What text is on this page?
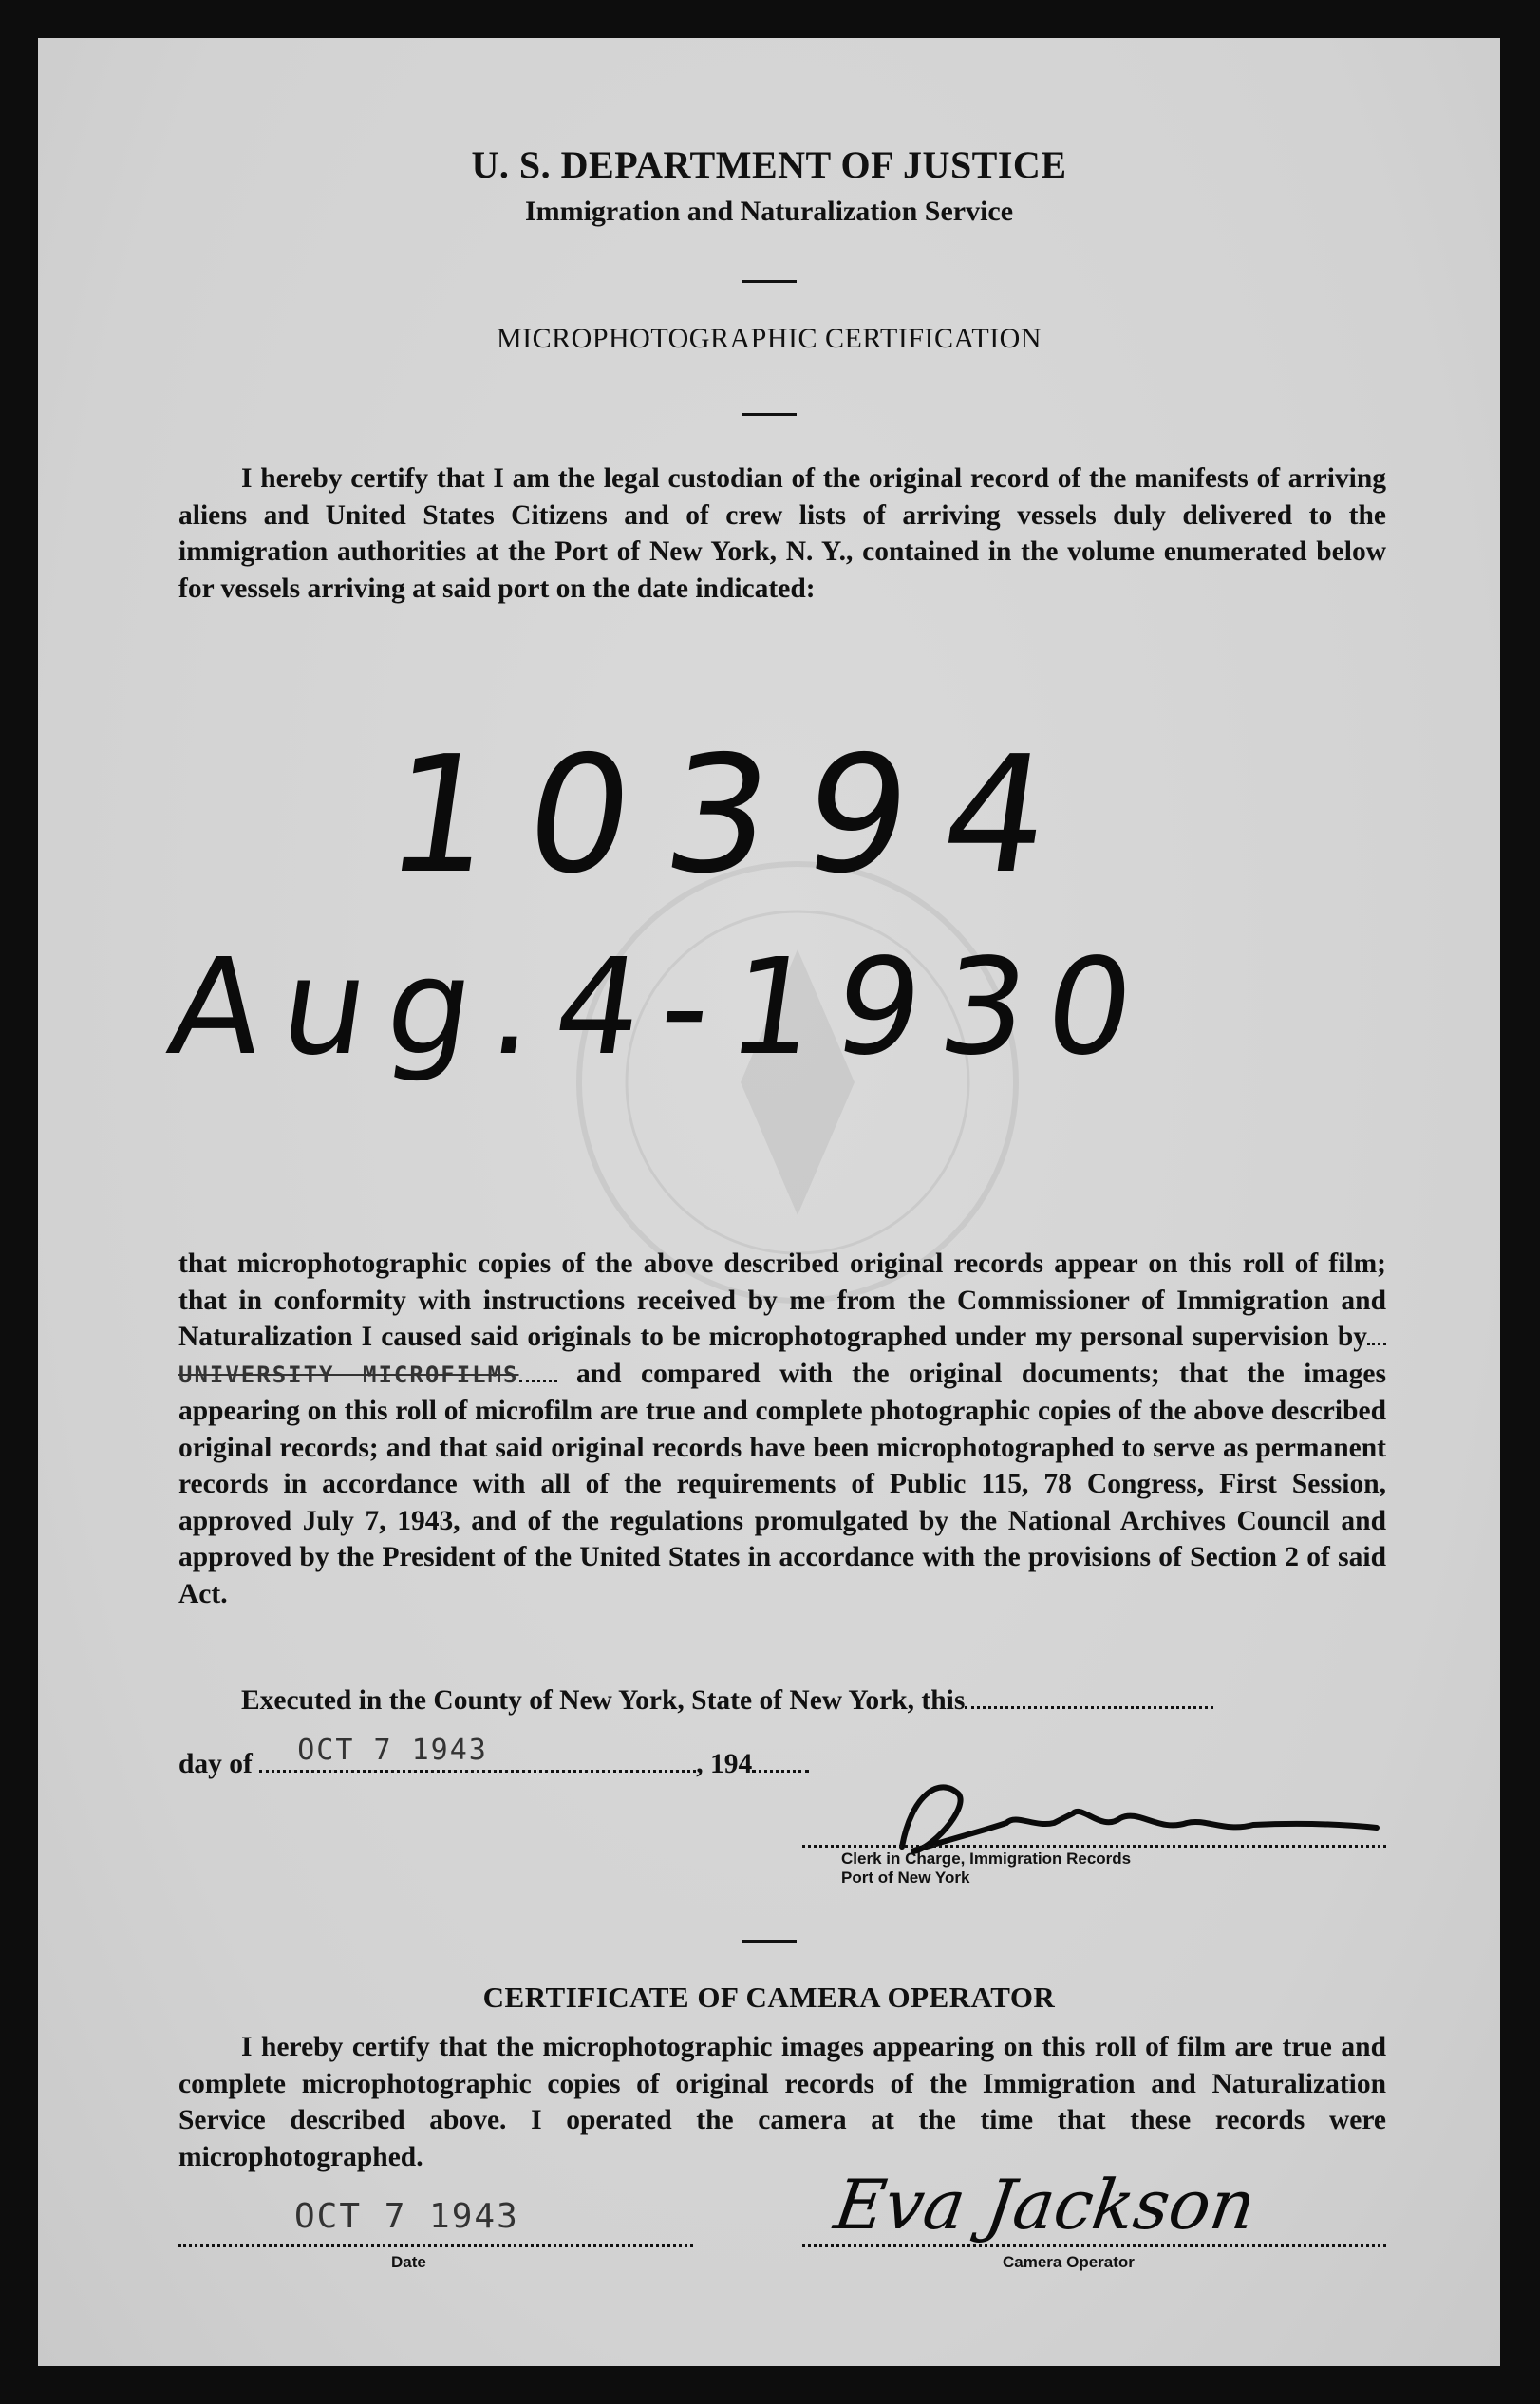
U. S. DEPARTMENT OF JUSTICE
Immigration and Naturalization Service
MICROPHOTOGRAPHIC CERTIFICATION

I hereby certify that I am the legal custodian of the original record of the manifests of arriving aliens and United States Citizens and of crew lists of arriving vessels duly delivered to the immigration authorities at the Port of New York, N. Y., contained in the volume enumerated below for vessels arriving at said port on the date indicated:

10394
Aug.4-1930

that microphotographic copies of the above described original records appear on this roll of film; that in conformity with instructions received by me from the Commissioner of Immigration and Naturalization I caused said originals to be microphotographed under my personal supervision by UNIVERSITY MICROFILMS and compared with the original documents; that the images appearing on this roll of microfilm are true and complete photographic copies of the above described original records; and that said original records have been microphotographed to serve as permanent records in accordance with all of the requirements of Public 115, 78 Congress, First Session, approved July 7, 1943, and of the regulations promulgated by the National Archives Council and approved by the President of the United States in accordance with the provisions of Section 2 of said Act.

Executed in the County of New York, State of New York, this

day of OCT 7 1943	, 194
Clerk in Charge, Immigration Records
Port of New York
CERTIFICATE OF CAMERA OPERATOR

I hereby certify that the microphotographic images appearing on this roll of film are true and complete microphotographic copies of original records of the Immigration and Naturalization Service described above. I operated the camera at the time that these records were microphotographed.

OCT 7 1943
Date
Eva Jackson
Camera Operator
